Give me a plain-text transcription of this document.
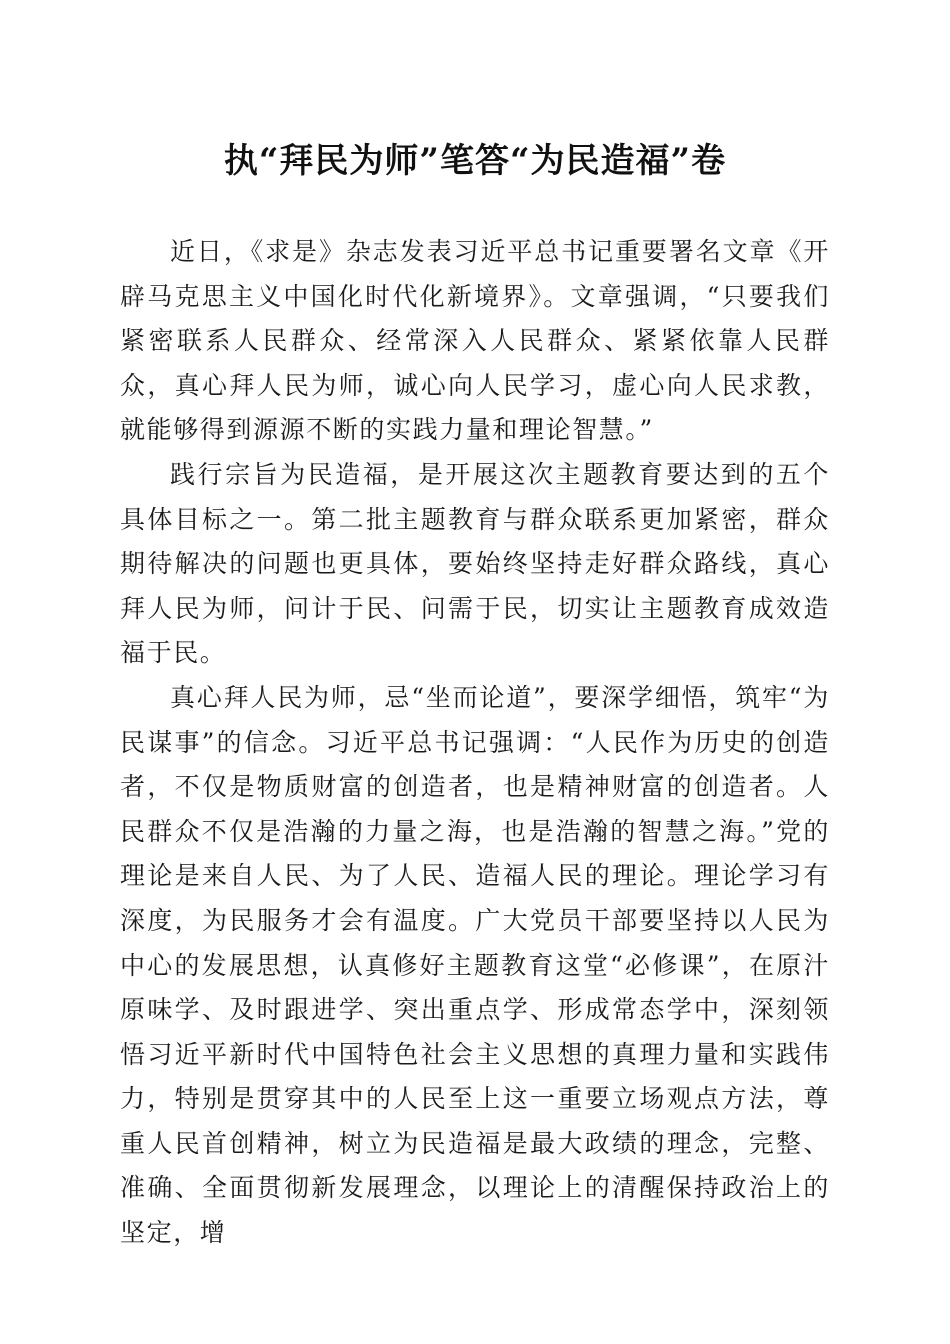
执“拜民为师”笔答“为民造福”卷

近日，《求是》杂志发表习近平总书记重要署名文章《开辟马克思主义中国化时代化新境界》。文章强调，“只要我们紧密联系人民群众、经常深入人民群众、紧紧依靠人民群众，真心拜人民为师，诚心向人民学习，虚心向人民求教，就能够得到源源不断的实践力量和理论智慧。”

践行宗旨为民造福，是开展这次主题教育要达到的五个具体目标之一。第二批主题教育与群众联系更加紧密，群众期待解决的问题也更具体，要始终坚持走好群众路线，真心拜人民为师，问计于民、问需于民，切实让主题教育成效造福于民。

真心拜人民为师，忌“坐而论道”，要深学细悟，筑牢“为民谋事”的信念。习近平总书记强调：“人民作为历史的创造者，不仅是物质财富的创造者，也是精神财富的创造者。人民群众不仅是浩瀚的力量之海，也是浩瀚的智慧之海。”党的理论是来自人民、为了人民、造福人民的理论。理论学习有深度，为民服务才会有温度。广大党员干部要坚持以人民为中心的发展思想，认真修好主题教育这堂“必修课”，在原汁原味学、及时跟进学、突出重点学、形成常态学中，深刻领悟习近平新时代中国特色社会主义思想的真理力量和实践伟力，特别是贯穿其中的人民至上这一重要立场观点方法，尊重人民首创精神，树立为民造福是最大政绩的理念，完整、准确、全面贯彻新发展理念，以理论上的清醒保持政治上的坚定，增
